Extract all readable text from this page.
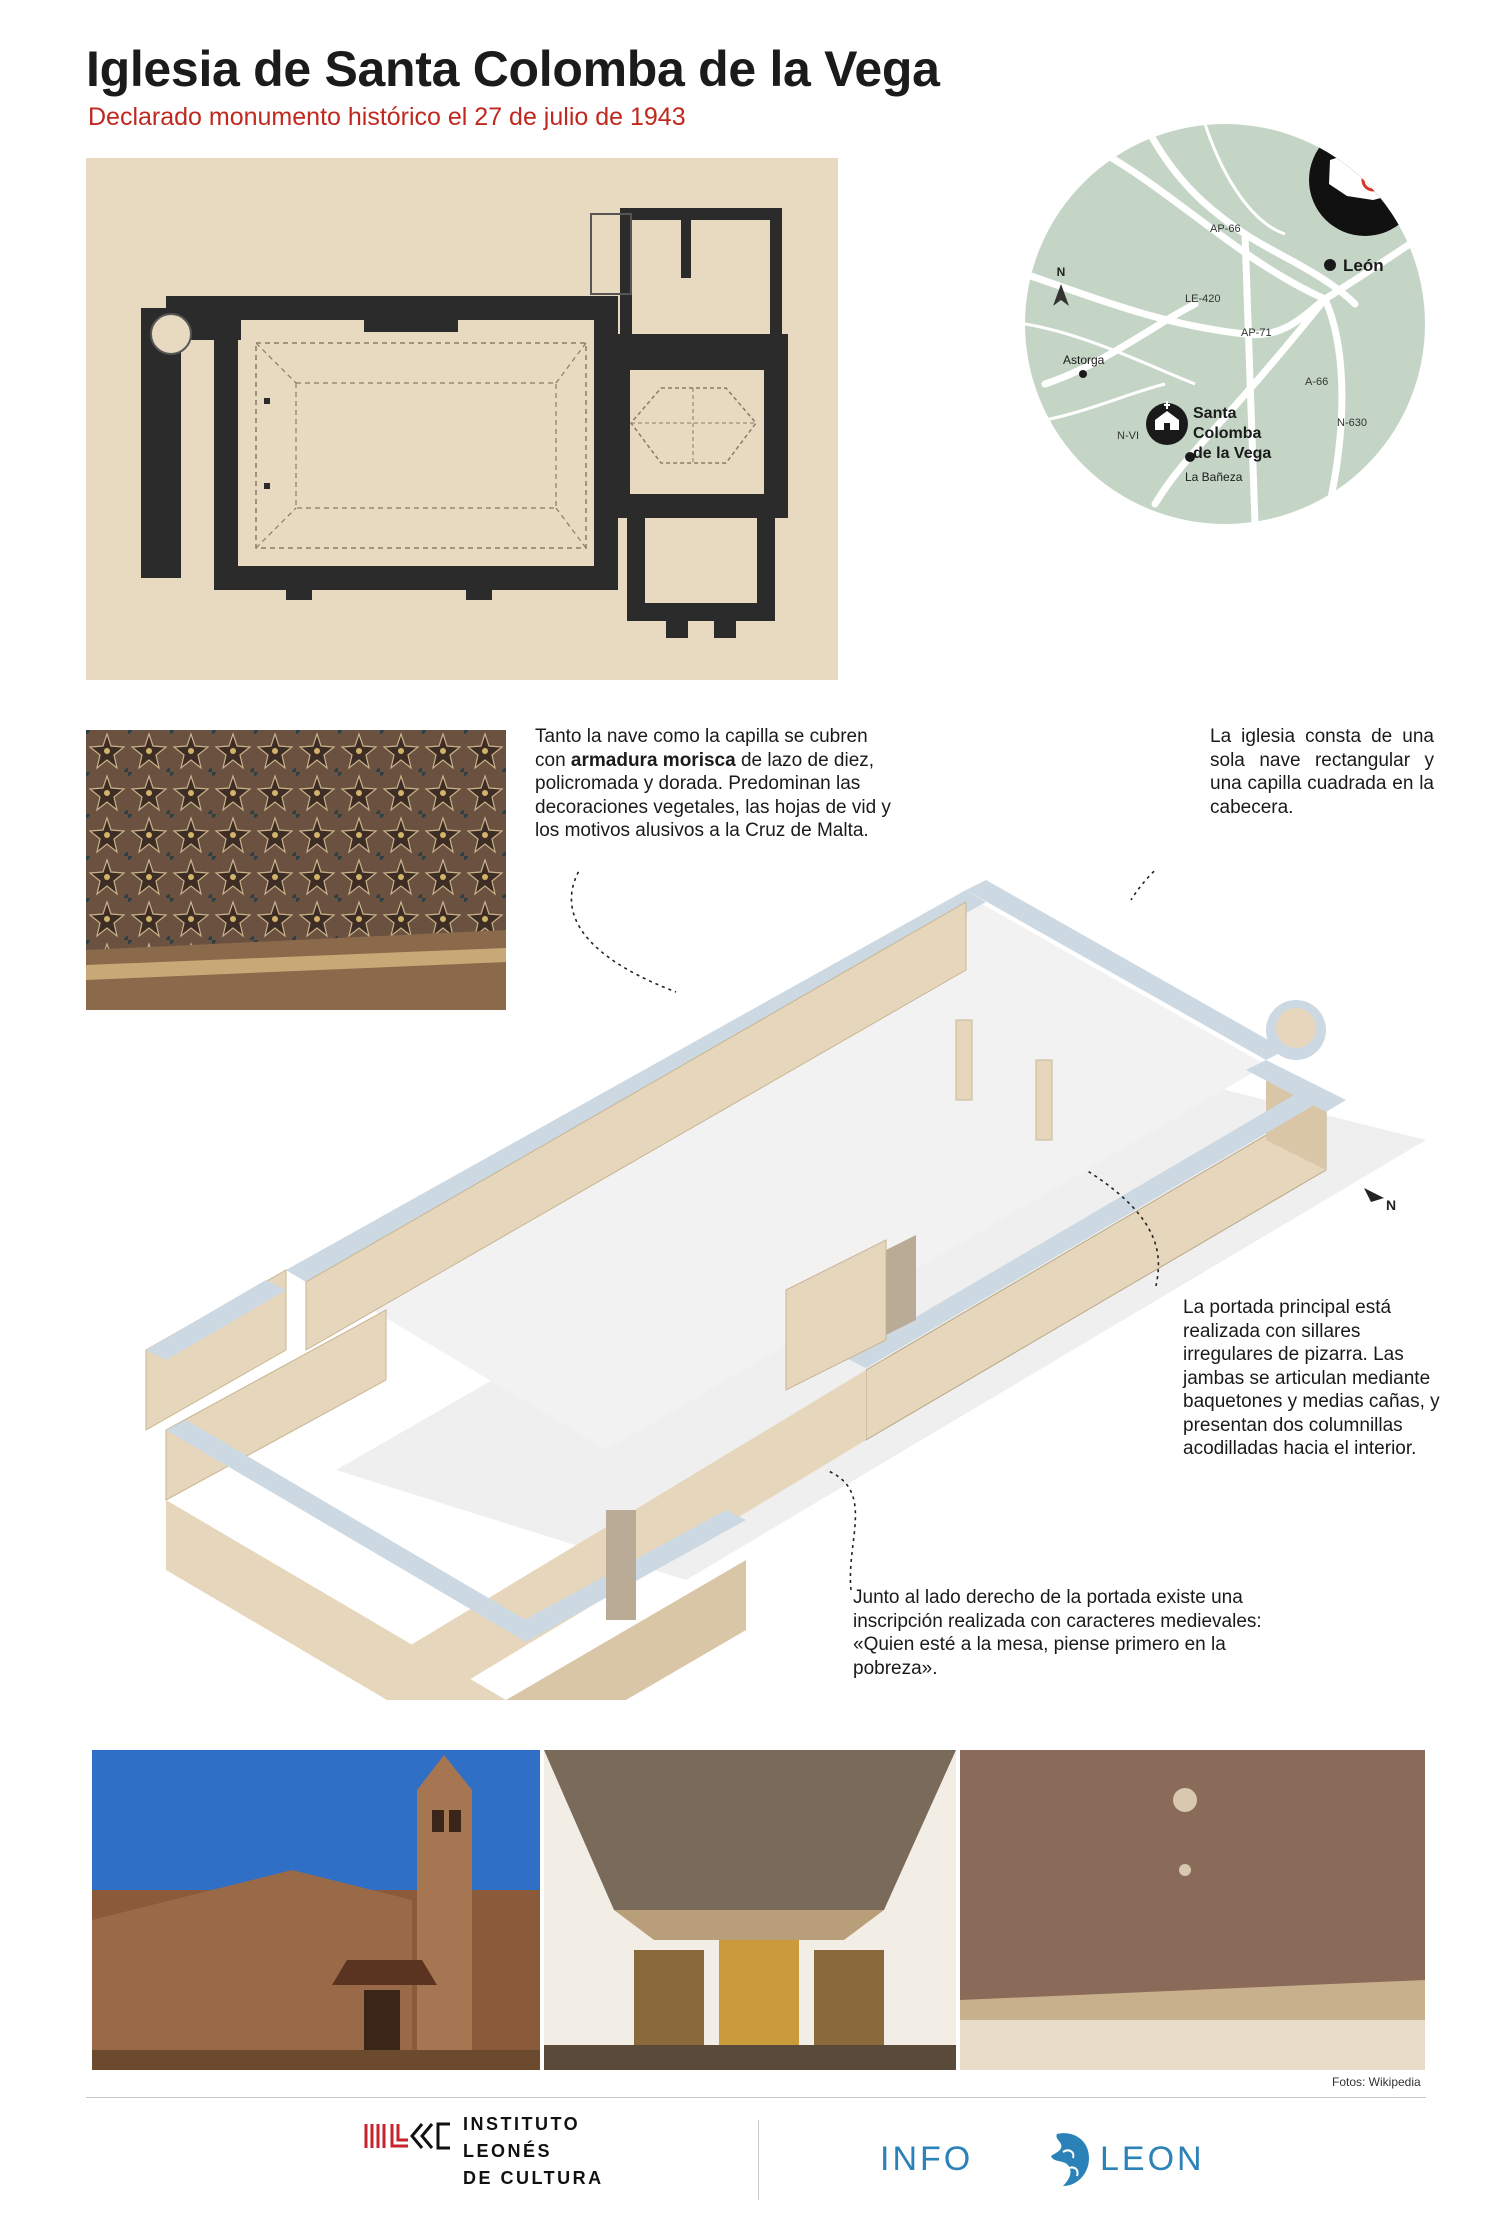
Iglesia de Santa Colomba de la Vega
Declarado monumento histórico el 27 de julio de 1943
N	León
Astorga
La Bañeza
Santa
Colomba
de la Vega
AP-66
LE-420
AP-71
A-66
N-630
N-VI
N
Tanto la nave como la capilla se cubren con armadura morisca de lazo de diez, policromada y dorada. Predominan las decoraciones vegetales, las hojas de vid y los motivos alusivos a la Cruz de Malta.
La iglesia consta de una sola nave rectangular y una capilla cuadrada en la cabecera.
La portada principal está realizada con sillares irregulares de pizarra. Las jambas se articulan mediante baquetones y medias cañas, y presentan dos columnillas acodilladas hacia el interior.
Junto al lado derecho de la portada existe una inscripción realizada con caracteres medievales: «Quien esté a la mesa, piense primero en la pobreza».
Fotos: Wikipedia
INSTITUTO
LEONÉS
DE CULTURA	INFO	LEON
